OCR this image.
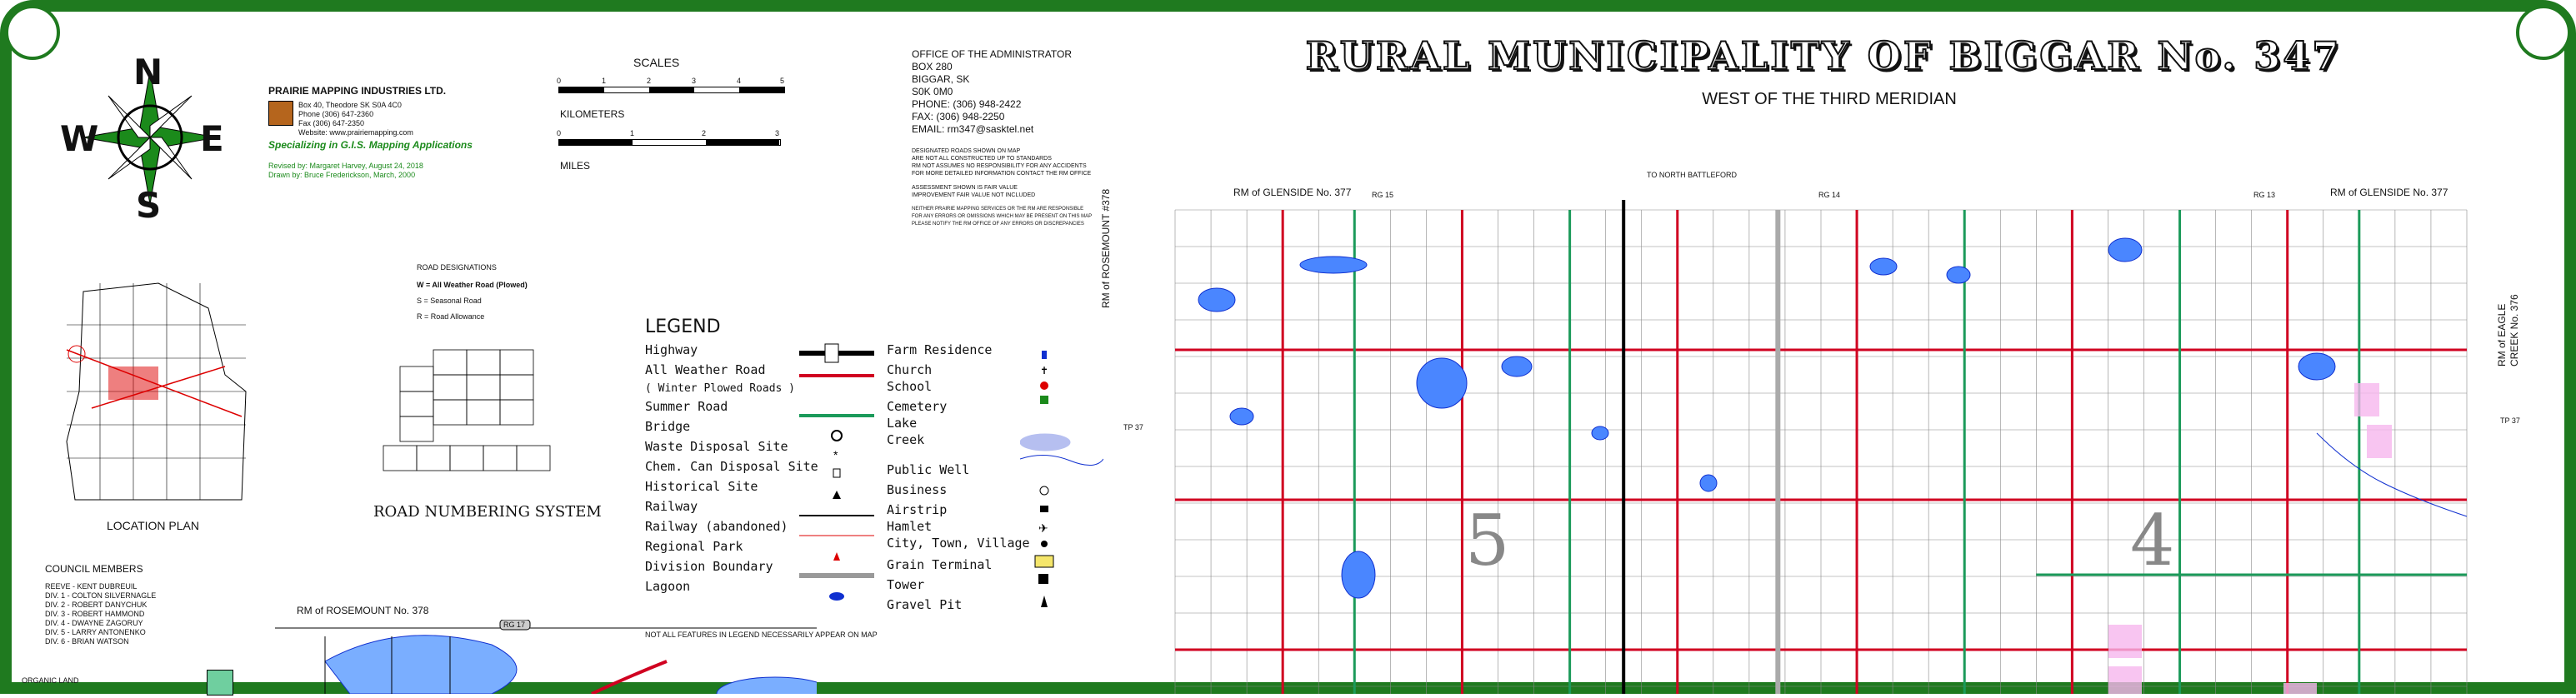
N
S
W	E
PRAIRIE MAPPING INDUSTRIES LTD.
Box 40, Theodore SK S0A 4C0
Phone (306) 647-2360
Fax (306) 647-2350
Website: www.prairiemapping.com
Specializing in G.I.S. Mapping Applications
Revised by: Margaret Harvey, August 24, 2018
Drawn by: Bruce Frederickson, March, 2000
SCALES
0	1	2	3	4	5
KILOMETERS
0	1	2	3
MILES
OFFICE OF THE ADMINISTRATOR
BOX 280
BIGGAR, SK
S0K 0M0
PHONE: (306) 948-2422
FAX: (306) 948-2250
EMAIL: rm347@sasktel.net
DESIGNATED ROADS SHOWN ON MAP
ARE NOT ALL CONSTRUCTED UP TO STANDARDS
RM NOT ASSUMES NO RESPONSIBILITY FOR ANY ACCIDENTS
FOR MORE DETAILED INFORMATION CONTACT THE RM OFFICE
ASSESSMENT SHOWN IS FAIR VALUE
IMPROVEMENT FAIR VALUE NOT INCLUDED
NEITHER PRAIRIE MAPPING SERVICES OR THE RM ARE RESPONSIBLE
FOR ANY ERRORS OR OMISSIONS WHICH MAY BE PRESENT ON THIS MAP
PLEASE NOTIFY THE RM OFFICE OF ANY ERRORS OR DISCREPANCIES
RURAL MUNICIPALITY OF BIGGAR No. 347
WEST OF THE THIRD MERIDIAN
LOCATION PLAN
ROAD DESIGNATIONS
W = All Weather Road (Plowed)
S = Seasonal Road
R = Road Allowance
ROAD NUMBERING SYSTEM
LEGEND
Highway
All Weather Road
( Winter Plowed Roads )
Summer Road
Bridge
Waste Disposal Site
Chem. Can Disposal Site
Historical Site
Railway
Railway (abandoned)
Regional Park
Division Boundary
Lagoon
*
Farm Residence
Church
School
Cemetery
Lake
Creek
Public Well
Business
Airstrip
Hamlet
City, Town, Village
Grain Terminal
Tower
Gravel Pit
✝
✈
NOT ALL FEATURES IN LEGEND NECESSARILY APPEAR ON MAP
COUNCIL MEMBERS
REEVE - KENT DUBREUIL
DIV. 1 - COLTON SILVERNAGLE
DIV. 2 - ROBERT DANYCHUK
DIV. 3 - ROBERT HAMMOND
DIV. 4 - DWAYNE ZAGORUY
DIV. 5 - LARRY ANTONENKO
DIV. 6 - BRIAN WATSON
ORGANIC LAND
RM of ROSEMOUNT No. 378
RG 17
RM of GLENSIDE No. 377	RM of GLENSIDE No. 377
TO NORTH BATTLEFORD
RM of ROSEMOUNT #378
RM of EAGLE CREEK No. 376
RG 15	RG 14	RG 13
TP 37
TP 37
5	4
